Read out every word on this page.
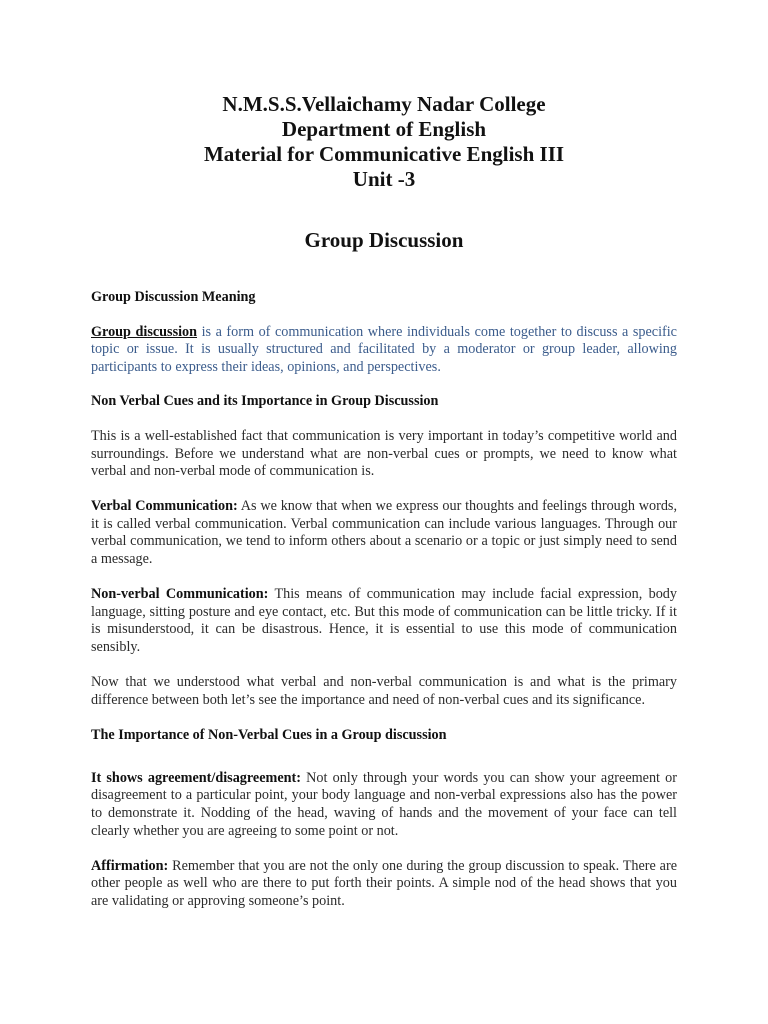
N.M.S.S.Vellaichamy Nadar College
Department of English
Material for Communicative English III
Unit -3
Group Discussion

Group Discussion Meaning

Group discussion is a form of communication where individuals come together to discuss a specific topic or issue. It is usually structured and facilitated by a moderator or group leader, allowing participants to express their ideas, opinions, and perspectives.

Non Verbal Cues and its Importance in Group Discussion

This is a well-established fact that communication is very important in today’s competitive world and surroundings. Before we understand what are non-verbal cues or prompts, we need to know what verbal and non-verbal mode of communication is.

Verbal Communication: As we know that when we express our thoughts and feelings through words, it is called verbal communication. Verbal communication can include various languages. Through our verbal communication, we tend to inform others about a scenario or a topic or just simply need to send a message.

Non-verbal Communication: This means of communication may include facial expression, body language, sitting posture and eye contact, etc. But this mode of communication can be little tricky. If it is misunderstood, it can be disastrous. Hence, it is essential to use this mode of communication sensibly.

Now that we understood what verbal and non-verbal communication is and what is the primary difference between both let’s see the importance and need of non-verbal cues and its significance.

The Importance of Non-Verbal Cues in a Group discussion

It shows agreement/disagreement: Not only through your words you can show your agreement or disagreement to a particular point, your body language and non-verbal expressions also has the power to demonstrate it. Nodding of the head, waving of hands and the movement of your face can tell clearly whether you are agreeing to some point or not.

Affirmation: Remember that you are not the only one during the group discussion to speak. There are other people as well who are there to put forth their points. A simple nod of the head shows that you are validating or approving someone’s point.
